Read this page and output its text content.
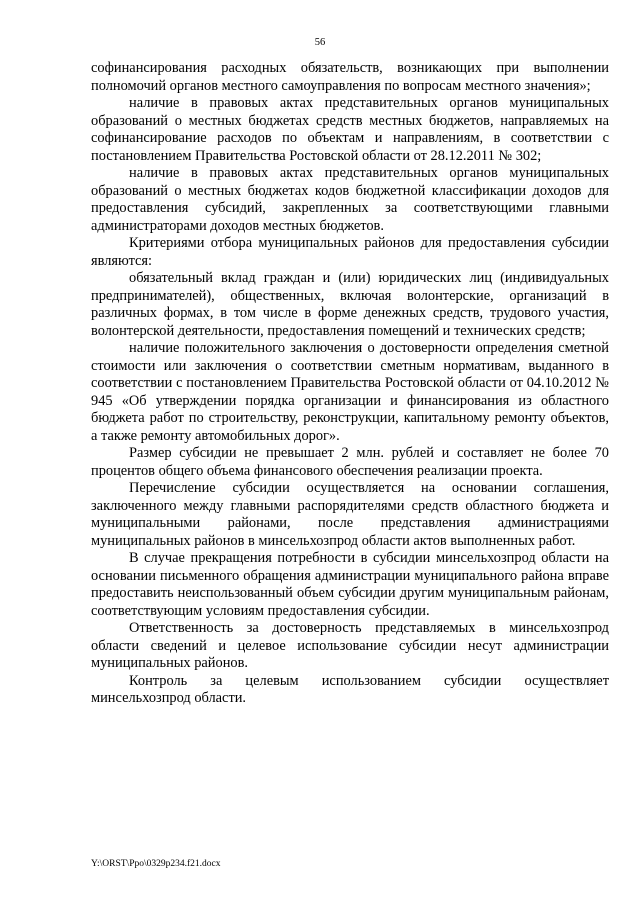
56

софинансирования расходных обязательств, возникающих при выполнении полномочий органов местного самоуправления по вопросам местного значения»;

наличие в правовых актах представительных органов муниципальных образований о местных бюджетах средств местных бюджетов, направляемых на софинансирование расходов по объектам и направлениям, в соответствии с постановлением Правительства Ростовской области от 28.12.2011 № 302;

наличие в правовых актах представительных органов муниципальных образований о местных бюджетах кодов бюджетной классификации доходов для предоставления субсидий, закрепленных за соответствующими главными администраторами доходов местных бюджетов.

Критериями отбора муниципальных районов для предоставления субсидии являются:

обязательный вклад граждан и (или) юридических лиц (индивидуальных предпринимателей), общественных, включая волонтерские, организаций в различных формах, в том числе в форме денежных средств, трудового участия, волонтерской деятельности, предоставления помещений и технических средств;

наличие положительного заключения о достоверности определения сметной стоимости или заключения о соответствии сметным нормативам, выданного в соответствии с постановлением Правительства Ростовской области от 04.10.2012 № 945 «Об утверждении порядка организации и финансирования из областного бюджета работ по строительству, реконструкции, капитальному ремонту объектов, а также ремонту автомобильных дорог».

Размер субсидии не превышает 2 млн. рублей и составляет не более 70 процентов общего объема финансового обеспечения реализации проекта.

Перечисление субсидии осуществляется на основании соглашения, заключенного между главными распорядителями средств областного бюджета и муниципальными районами, после представления администрациями муниципальных районов в минсельхозпрод области актов выполненных работ.

В случае прекращения потребности в субсидии минсельхозпрод области на основании письменного обращения администрации муниципального района вправе предоставить неиспользованный объем субсидии другим муниципальным районам, соответствующим условиям предоставления субсидии.

Ответственность за достоверность представляемых в минсельхозпрод области сведений и целевое использование субсидии несут администрации муниципальных районов.

Контроль за целевым использованием субсидии осуществляет минсельхозпрод области.

Y:\ORST\Ppo\0329p234.f21.docx
